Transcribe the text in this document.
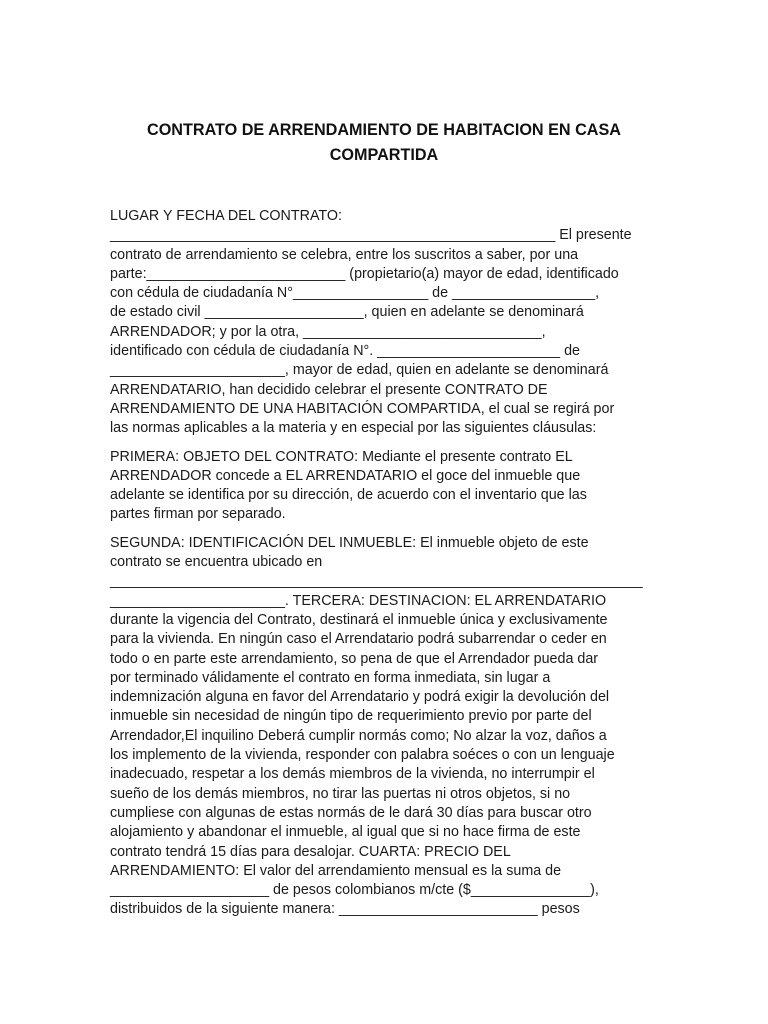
CONTRATO DE ARRENDAMIENTO DE HABITACION EN CASA
COMPARTIDA

LUGAR Y FECHA DEL CONTRATO:
________________________________________________________ El presente
contrato de arrendamiento se celebra, entre los suscritos a saber, por una
parte:_________________________ (propietario(a) mayor de edad, identificado
con cédula de ciudadanía N°_________________ de __________________,
de estado civil ____________________, quien en adelante se denominará
ARRENDADOR; y por la otra, ______________________________,
identificado con cédula de ciudadanía N°. _______________________ de
______________________, mayor de edad, quien en adelante se denominará
ARRENDATARIO, han decidido celebrar el presente CONTRATO DE
ARRENDAMIENTO DE UNA HABITACIÓN COMPARTIDA, el cual se regirá por
las normas aplicables a la materia y en especial por las siguientes cláusulas:

PRIMERA: OBJETO DEL CONTRATO: Mediante el presente contrato EL
ARRENDADOR concede a EL ARRENDATARIO el goce del inmueble que
adelante se identifica por su dirección, de acuerdo con el inventario que las
partes firman por separado.

SEGUNDA: IDENTIFICACIÓN DEL INMUEBLE: El inmueble objeto de este
contrato se encuentra ubicado en
___________________________________________________________________
______________________. TERCERA: DESTINACION: EL ARRENDATARIO
durante la vigencia del Contrato, destinará el inmueble única y exclusivamente
para la vivienda. En ningún caso el Arrendatario podrá subarrendar o ceder en
todo o en parte este arrendamiento, so pena de que el Arrendador pueda dar
por terminado válidamente el contrato en forma inmediata, sin lugar a
indemnización alguna en favor del Arrendatario y podrá exigir la devolución del
inmueble sin necesidad de ningún tipo de requerimiento previo por parte del
Arrendador,El inquilino Deberá cumplir normás como; No alzar la voz, daños a
los implemento de la vivienda, responder con palabra soéces o con un lenguaje
inadecuado, respetar a los demás miembros de la vivienda, no interrumpir el
sueño de los demás miembros, no tirar las puertas ni otros objetos, si no
cumpliese con algunas de estas normás de le dará 30 días para buscar otro
alojamiento y abandonar el inmueble, al igual que si no hace firma de este
contrato tendrá 15 días para desalojar. CUARTA: PRECIO DEL
ARRENDAMIENTO: El valor del arrendamiento mensual es la suma de
____________________ de pesos colombianos m/cte ($_______________),
distribuidos de la siguiente manera: _________________________ pesos
